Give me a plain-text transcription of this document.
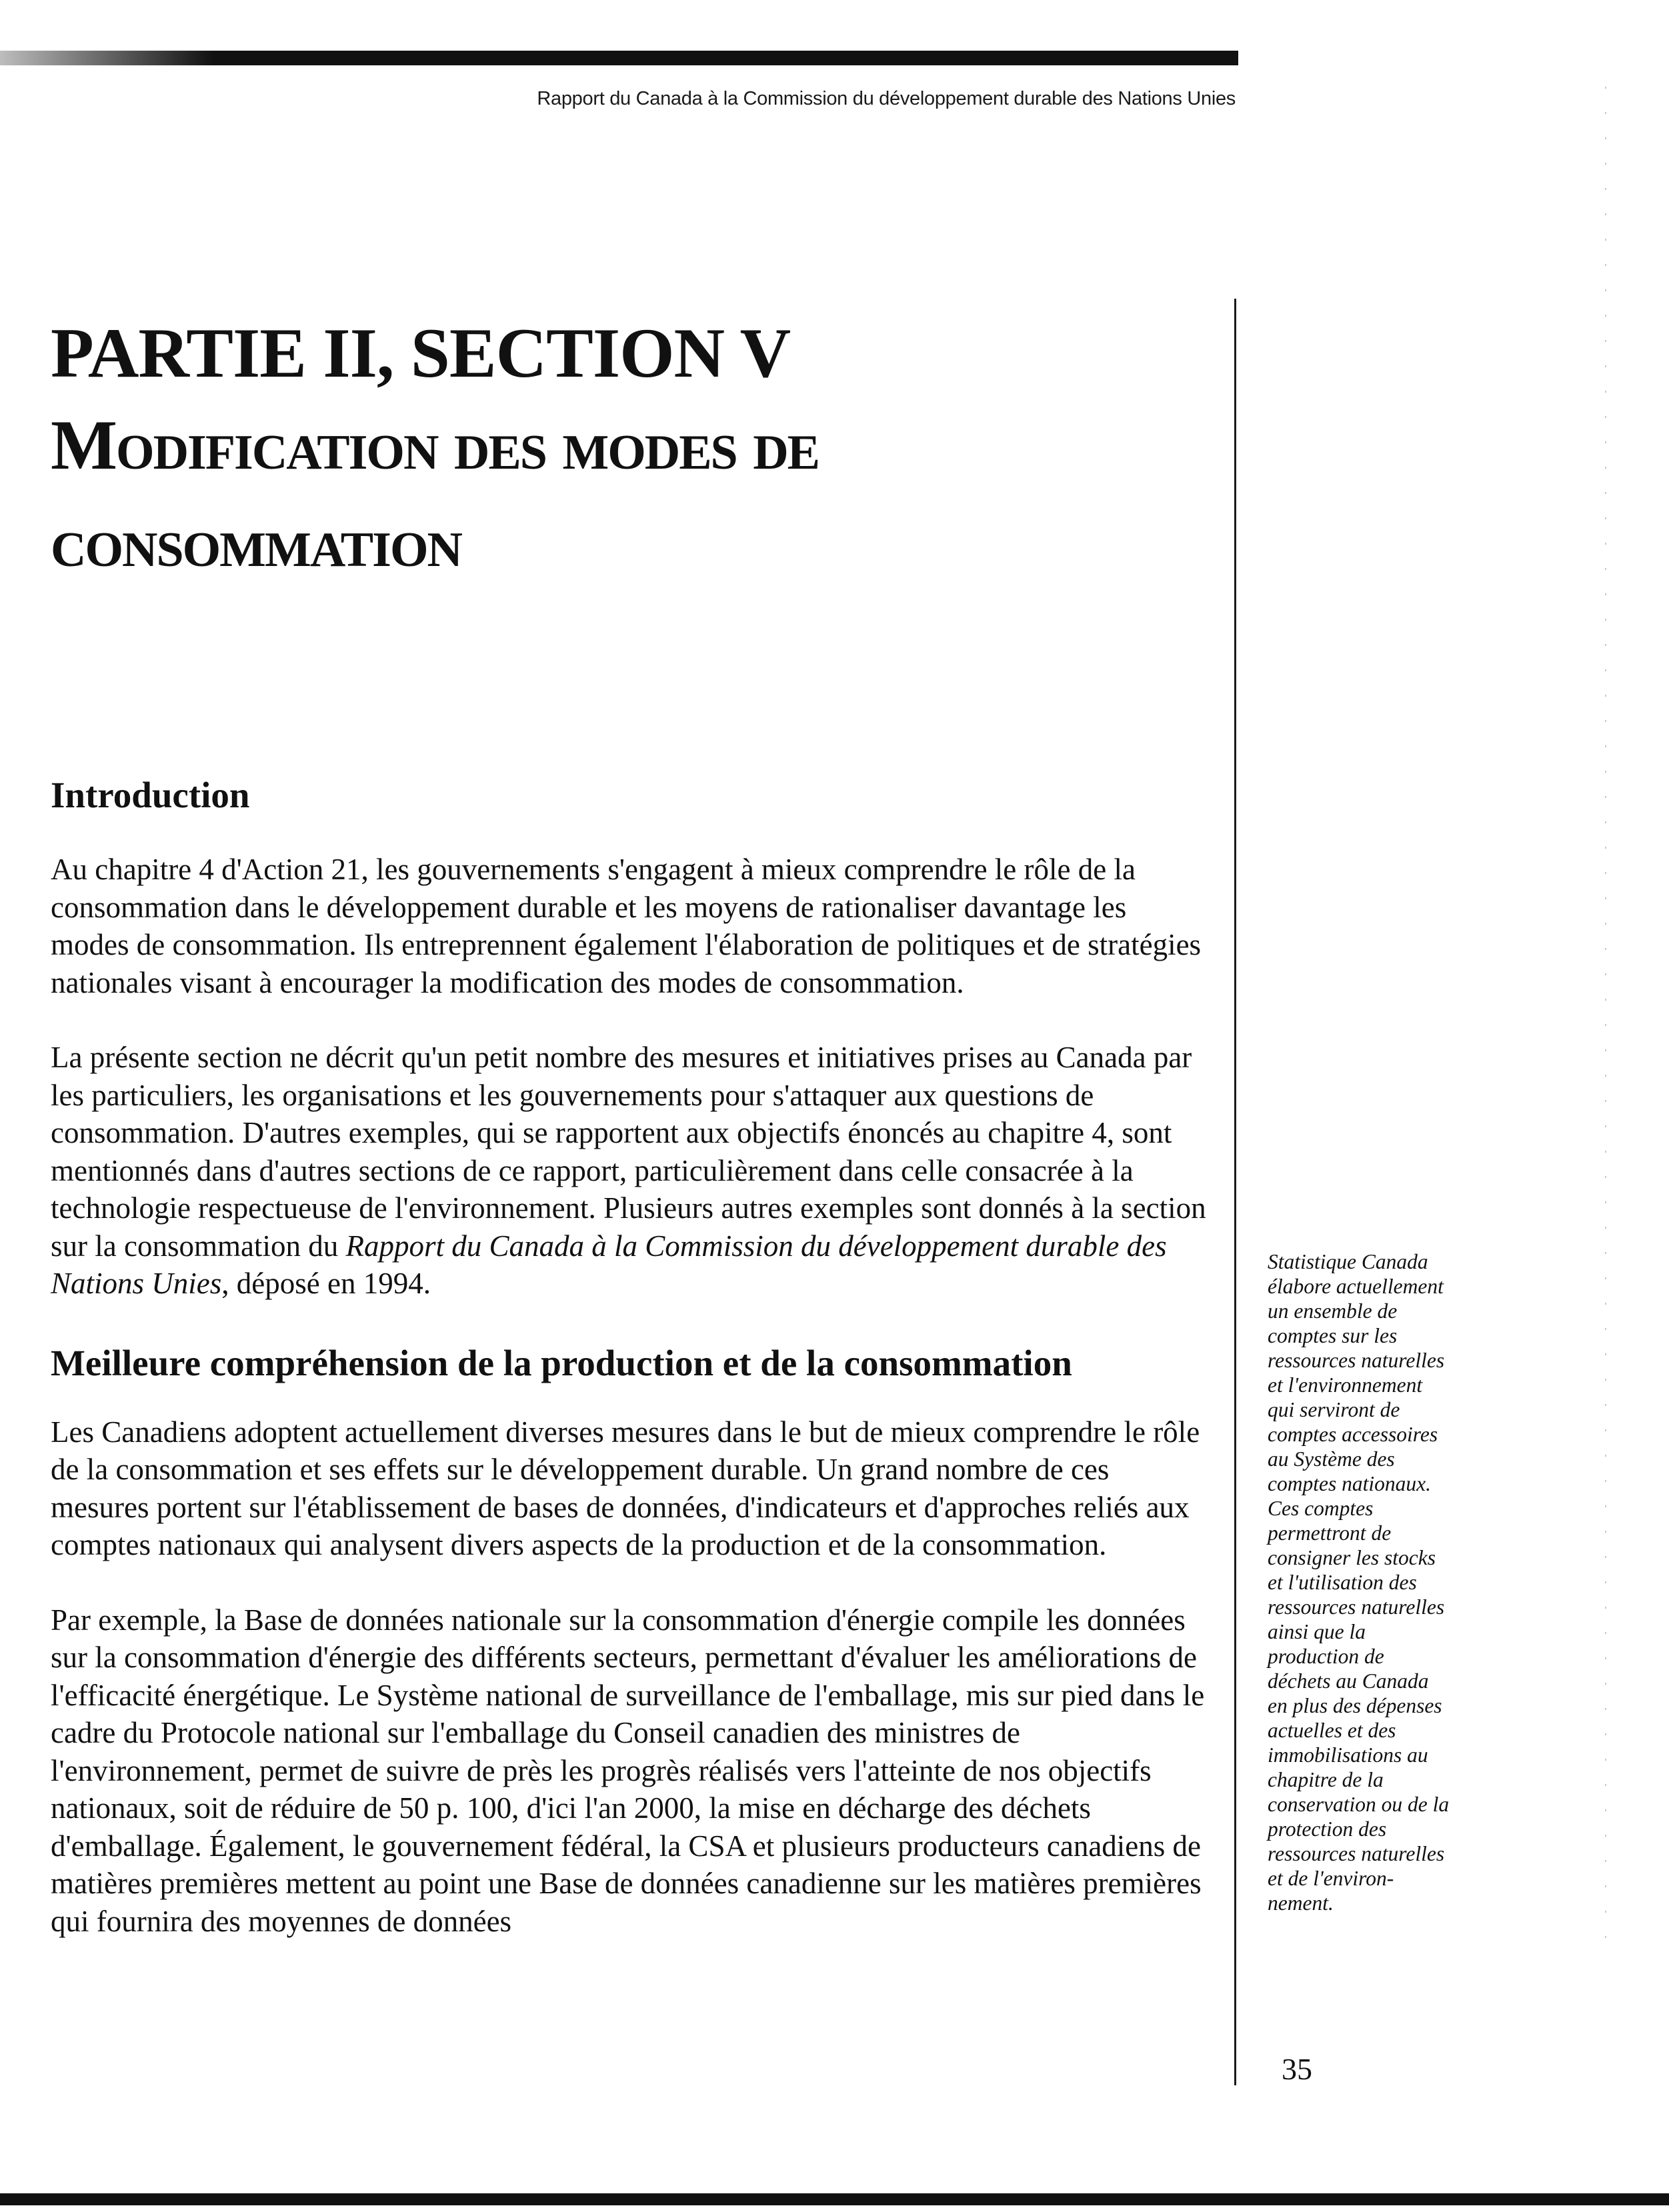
Rapport du Canada à la Commission du développement durable des Nations Unies
PARTIE II, SECTION V
Modification des modes de
consommation
Introduction

Au chapitre 4 d'Action 21, les gouvernements s'engagent à mieux comprendre le rôle de la consommation dans le développement durable et les moyens de rationaliser davantage les modes de consommation. Ils entreprennent également l'élaboration de politiques et de stratégies nationales visant à encourager la modification des modes de consommation.

La présente section ne décrit qu'un petit nombre des mesures et initiatives prises au Canada par les particuliers, les organisations et les gouvernements pour s'attaquer aux questions de consommation. D'autres exemples, qui se rapportent aux objectifs énoncés au chapitre 4, sont mentionnés dans d'autres sections de ce rapport, particulièrement dans celle consacrée à la technologie respectueuse de l'environnement. Plusieurs autres exemples sont donnés à la section sur la consommation du Rapport du Canada à la Commission du développement durable des Nations Unies, déposé en 1994.

Meilleure compréhension de la production et de la consommation

Les Canadiens adoptent actuellement diverses mesures dans le but de mieux comprendre le rôle de la consommation et ses effets sur le développement durable. Un grand nombre de ces mesures portent sur l'établissement de bases de données, d'indicateurs et d'approches reliés aux comptes nationaux qui analysent divers aspects de la production et de la consommation.

Par exemple, la Base de données nationale sur la consommation d'énergie compile les données sur la consommation d'énergie des différents secteurs, permettant d'évaluer les améliorations de l'efficacité énergétique. Le Système national de surveillance de l'emballage, mis sur pied dans le cadre du Protocole national sur l'emballage du Conseil canadien des ministres de l'environnement, permet de suivre de près les progrès réalisés vers l'atteinte de nos objectifs nationaux, soit de réduire de 50 p. 100, d'ici l'an 2000, la mise en décharge des déchets d'emballage. Également, le gouvernement fédéral, la CSA et plusieurs producteurs canadiens de matières premières mettent au point une Base de données canadienne sur les matières premières qui fournira des moyennes de données

Statistique Canada
élabore actuellement
un ensemble de
comptes sur les
ressources naturelles
et l'environnement
qui serviront de
comptes accessoires
au Système des
comptes nationaux.
Ces comptes
permettront de
consigner les stocks
et l'utilisation des
ressources naturelles
ainsi que la
production de
déchets au Canada
en plus des dépenses
actuelles et des
immobilisations au
chapitre de la
conservation ou de la
protection des
ressources naturelles
et de l'environ-
nement.
35
